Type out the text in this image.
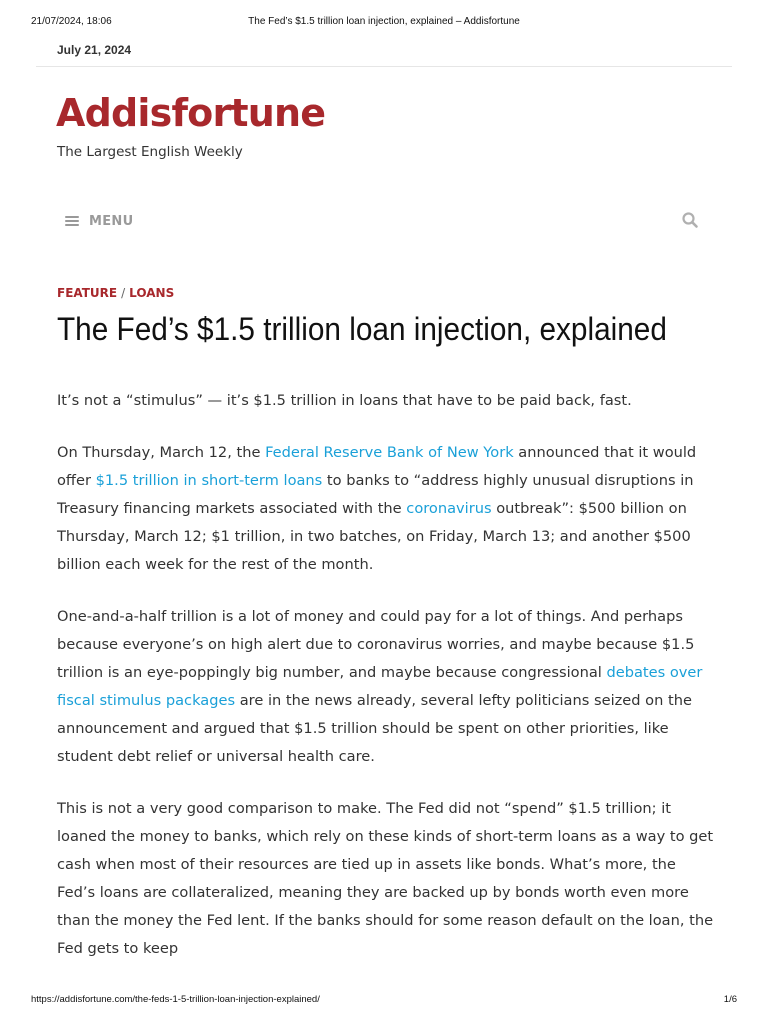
21/07/2024, 18:06	The Fed’s $1.5 trillion loan injection, explained – Addisfortune
July 21, 2024
Addisfortune
The Largest English Weekly
MENU
FEATURE / LOANS
The Fed’s $1.5 trillion loan injection, explained

It’s not a “stimulus” — it’s $1.5 trillion in loans that have to be paid back, fast.

On Thursday, March 12, the Federal Reserve Bank of New York announced that it would offer $1.5 trillion in short-term loans to banks to “address highly unusual disruptions in Treasury financing markets associated with the coronavirus outbreak”: $500 billion on Thursday, March 12; $1 trillion, in two batches, on Friday, March 13; and another $500 billion each week for the rest of the month.

One-and-a-half trillion is a lot of money and could pay for a lot of things. And perhaps because everyone’s on high alert due to coronavirus worries, and maybe because $1.5 trillion is an eye-poppingly big number, and maybe because congressional debates over fiscal stimulus packages are in the news already, several lefty politicians seized on the announcement and argued that $1.5 trillion should be spent on other priorities, like student debt relief or universal health care.

This is not a very good comparison to make. The Fed did not “spend” $1.5 trillion; it loaned the money to banks, which rely on these kinds of short-term loans as a way to get cash when most of their resources are tied up in assets like bonds. What’s more, the Fed’s loans are collateralized, meaning they are backed up by bonds worth even more than the money the Fed lent. If the banks should for some reason default on the loan, the Fed gets to keep

https://addisfortune.com/the-feds-1-5-trillion-loan-injection-explained/	1/6
